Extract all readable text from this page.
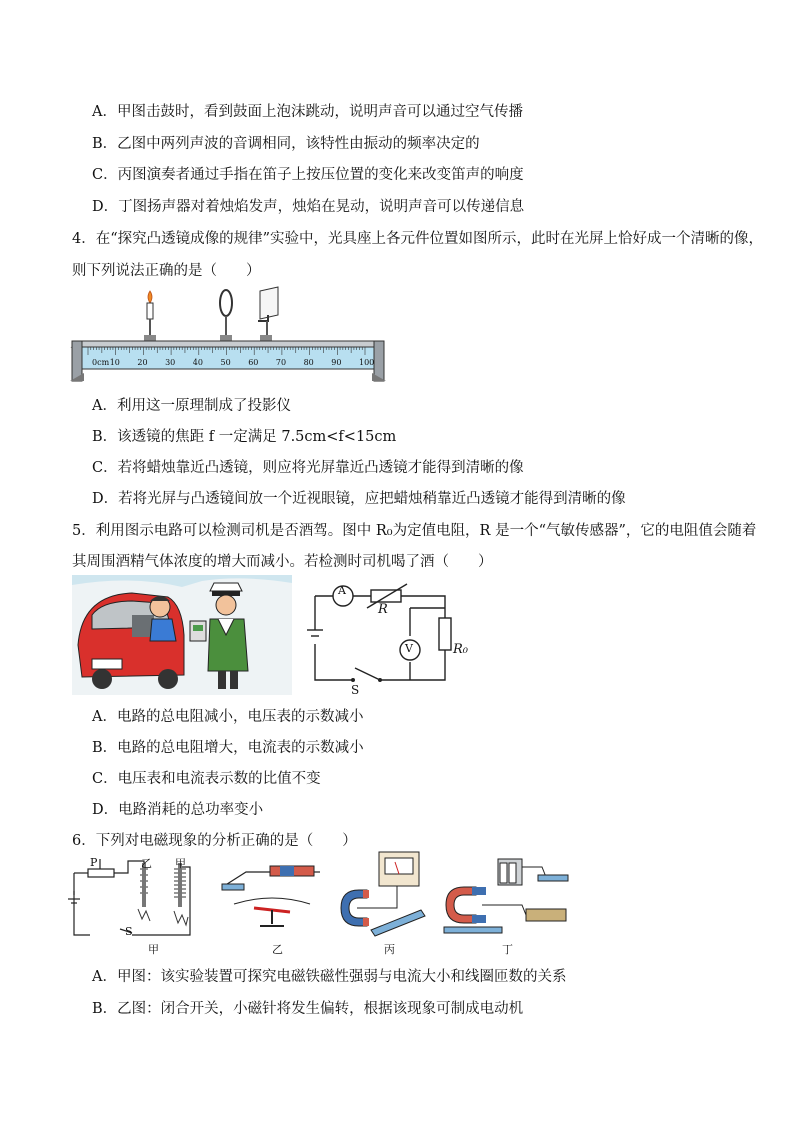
A．甲图击鼓时，看到鼓面上泡沫跳动，说明声音可以通过空气传播
B．乙图中两列声波的音调相同，该特性由振动的频率决定的
C．丙图演奏者通过手指在笛子上按压位置的变化来改变笛声的响度
D．丁图扬声器对着烛焰发声，烛焰在晃动，说明声音可以传递信息
4．在“探究凸透镜成像的规律”实验中，光具座上各元件位置如图所示，此时在光屏上恰好成一个清晰的像，
则下列说法正确的是（　　）
0cm 10 20 30 40 50 60 70 80 90 100
A．利用这一原理制成了投影仪
B．该透镜的焦距 f 一定满足 7.5cm<f<15cm
C．若将蜡烛靠近凸透镜，则应将光屏靠近凸透镜才能得到清晰的像
D．若将光屏与凸透镜间放一个近视眼镜，应把蜡烛稍靠近凸透镜才能得到清晰的像
5．利用图示电路可以检测司机是否酒驾。图中 R₀为定值电阻，R 是一个“气敏传感器”，它的电阻值会随着
其周围酒精气体浓度的增大而减小。若检测时司机喝了酒（　　）
A
V
R
R₀
S
A．电路的总电阻减小，电压表的示数减小
B．电路的总电阻增大，电流表的示数减小
C．电压表和电流表示数的比值不变
D．电路消耗的总功率变小
6．下列对电磁现象的分析正确的是（　　）
P	乙 甲
S
甲	乙	丙	丁
A．甲图：该实验装置可探究电磁铁磁性强弱与电流大小和线圈匝数的关系
B．乙图：闭合开关，小磁针将发生偏转，根据该现象可制成电动机
